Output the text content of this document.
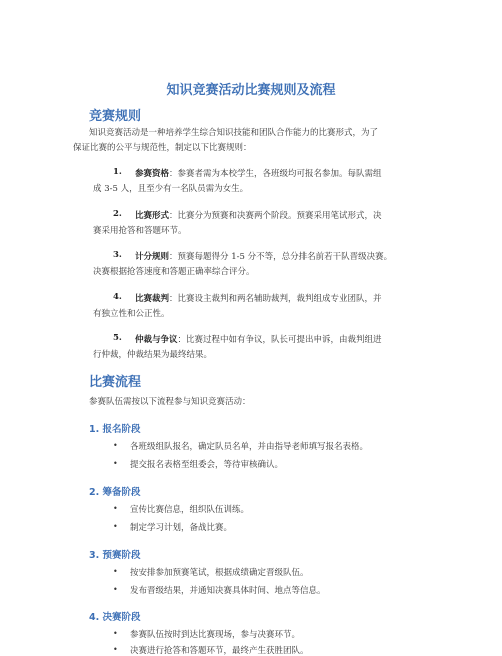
知识竞赛活动比赛规则及流程
竞赛规则
知识竞赛活动是一种培养学生综合知识技能和团队合作能力的比赛形式，为了
保证比赛的公平与规范性，制定以下比赛规则：
1. 参赛资格：参赛者需为本校学生，各班级均可报名参加。每队需组
成 3-5 人，且至少有一名队员需为女生。
2. 比赛形式：比赛分为预赛和决赛两个阶段。预赛采用笔试形式，决
赛采用抢答和答题环节。
3. 计分规则：预赛每题得分 1-5 分不等，总分排名前若干队晋级决赛。
决赛根据抢答速度和答题正确率综合评分。
4. 比赛裁判：比赛设主裁判和两名辅助裁判，裁判组成专业团队，并
有独立性和公正性。
5. 仲裁与争议：比赛过程中如有争议，队长可提出申诉，由裁判组进
行仲裁，仲裁结果为最终结果。
比赛流程
参赛队伍需按以下流程参与知识竞赛活动：
1. 报名阶段
• 各班级组队报名，确定队员名单，并由指导老师填写报名表格。
• 提交报名表格至组委会，等待审核确认。
2. 筹备阶段
• 宣传比赛信息，组织队伍训练。
• 制定学习计划，备战比赛。
3. 预赛阶段
• 按安排参加预赛笔试，根据成绩确定晋级队伍。
• 发布晋级结果，并通知决赛具体时间、地点等信息。
4. 决赛阶段
• 参赛队伍按时到达比赛现场，参与决赛环节。
• 决赛进行抢答和答题环节，最终产生获胜团队。
